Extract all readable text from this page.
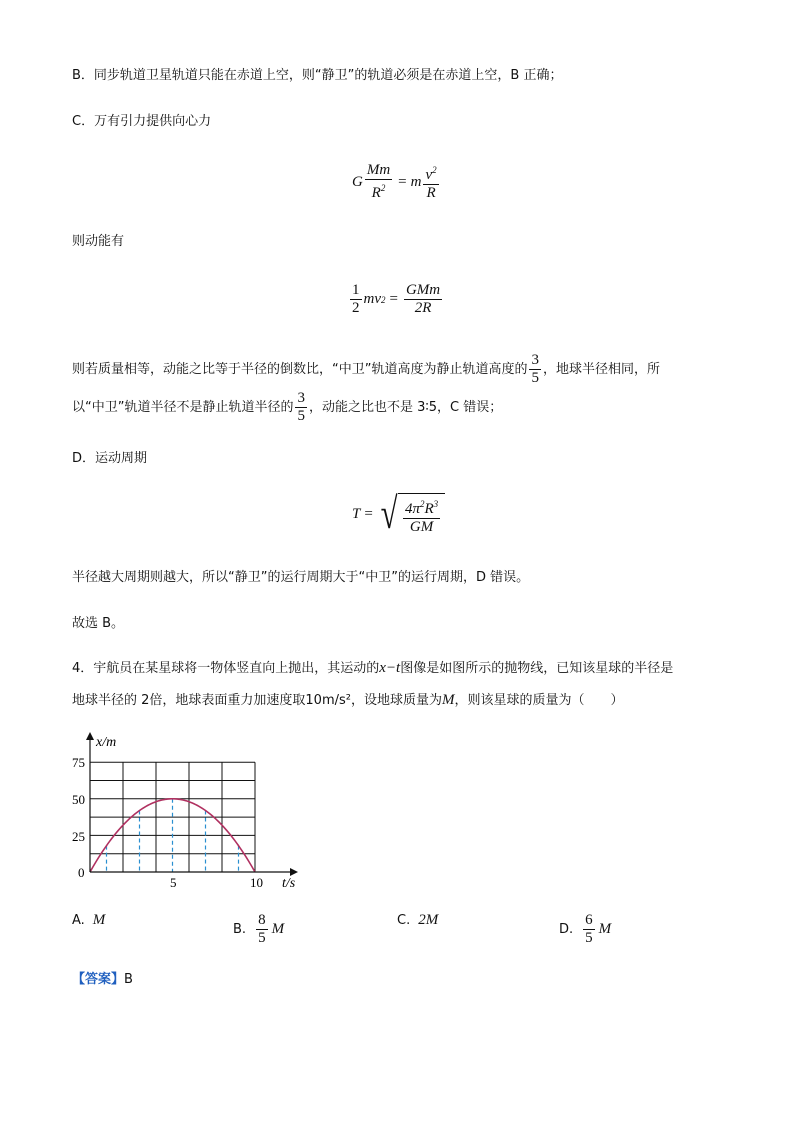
B．同步轨道卫星轨道只能在赤道上空，则“静卫”的轨道必须是在赤道上空，B 正确；
C．万有引力提供向心力
G $\frac{Mm}{R^2} = m \frac{v^2}{R}$
则动能有
$\frac{1}{2}$ mv $2 = \frac{\text{GMm}}{2R}$
则若质量相等，动能之比等于半径的倒数比，“中卫”轨道高度为静止轨道高度的 $\frac{3}{5}$ ，地球半径相同，所
以“中卫”轨道半径不是静止轨道半径的 $\frac{3}{5}$ ，动能之比也不是 3∶5，C 错误；
D．运动周期
T = √ $\frac{4\pi^2R^3}{GM}$
半径越大周期则越大，所以“静卫”的运行周期大于“中卫”的运行周期，D 错误。
故选 B。
4．宇航员在某星球将一物体竖直向上抛出，其运动的x−t图像是如图所示的抛物线，已知该星球的半径是
地球半径的 2倍，地球表面重力加速度取10m/s²，设地球质量为M，则该星球的质量为（　　）
x/m
t/s
0
25
50
75
5	10
A. M
B. $\frac{8}{5}$ M
C. 2M
D. $\frac{6}{5}$ M
【答案】B
